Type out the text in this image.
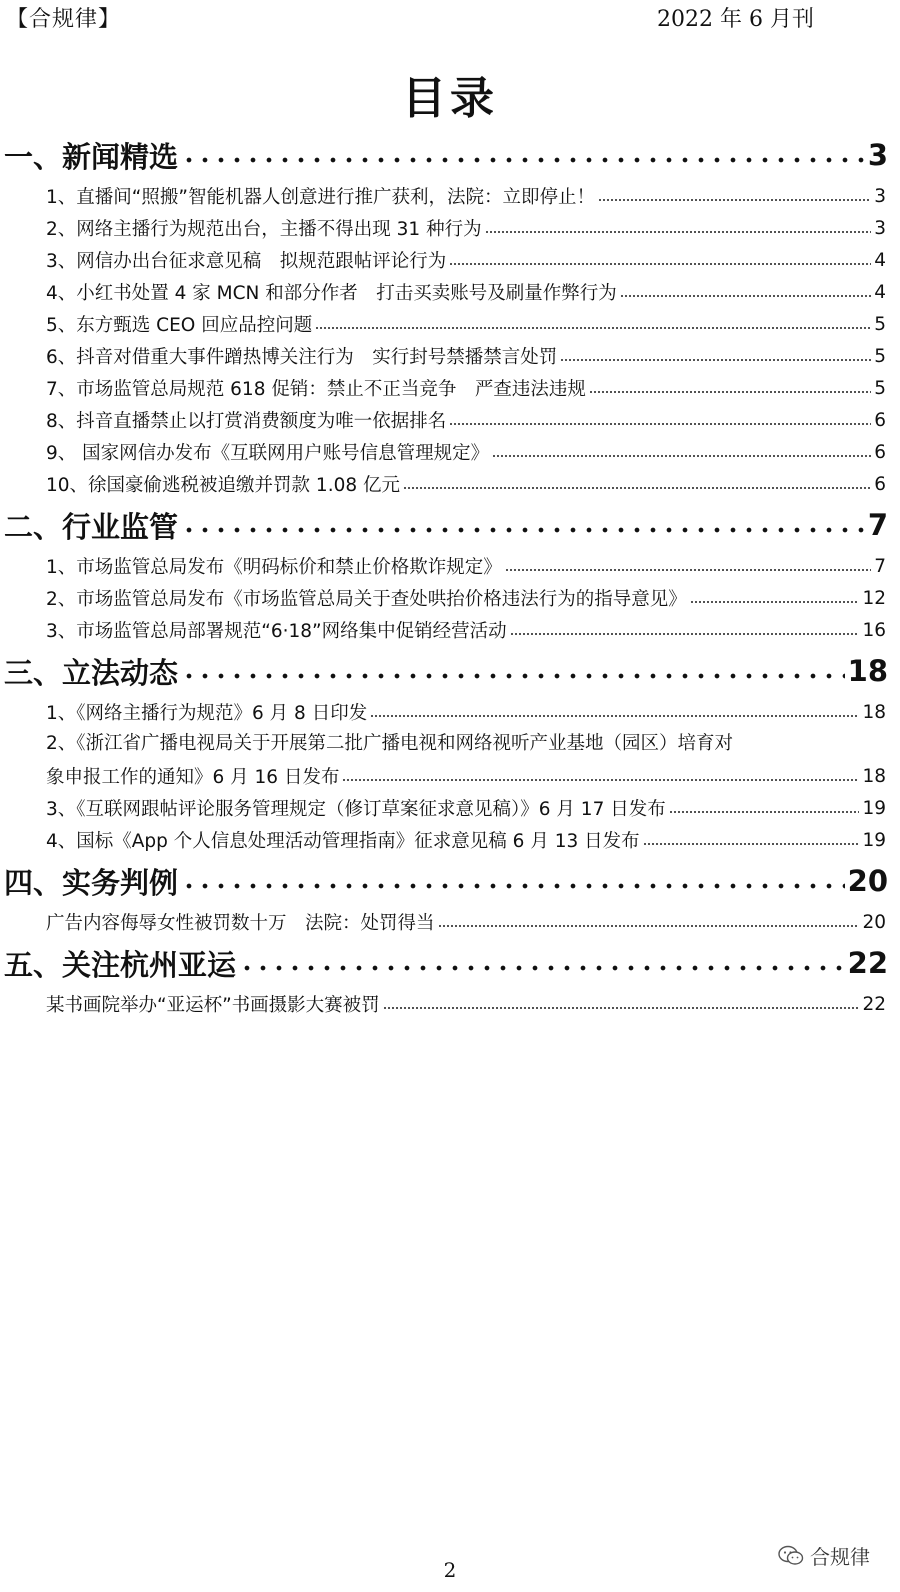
【合规律】	2022 年 6 月刊
目录
一、新闻精选	3
1、直播间“照搬”智能机器人创意进行推广获利，法院：立即停止！	3
2、网络主播行为规范出台，主播不得出现 31 种行为	3
3、网信办出台征求意见稿　拟规范跟帖评论行为	4
4、小红书处置 4 家 MCN 和部分作者　打击买卖账号及刷量作弊行为	4
5、东方甄选 CEO 回应品控问题	5
6、抖音对借重大事件蹭热博关注行为　实行封号禁播禁言处罚	5
7、市场监管总局规范 618 促销：禁止不正当竞争　严查违法违规	5
8、抖音直播禁止以打赏消费额度为唯一依据排名	6
9、 国家网信办发布《互联网用户账号信息管理规定》	6
10、徐国豪偷逃税被追缴并罚款 1.08 亿元	6
二、行业监管	7
1、市场监管总局发布《明码标价和禁止价格欺诈规定》	7
2、市场监管总局发布《市场监管总局关于查处哄抬价格违法行为的指导意见》	12
3、市场监管总局部署规范“6·18”网络集中促销经营活动	16
三、立法动态	18
1、《网络主播行为规范》6 月 8 日印发	18
2、《浙江省广播电视局关于开展第二批广播电视和网络视听产业基地（园区）培育对
象申报工作的通知》6 月 16 日发布	18
3、《互联网跟帖评论服务管理规定（修订草案征求意见稿）》6 月 17 日发布	19
4、国标《App 个人信息处理活动管理指南》征求意见稿 6 月 13 日发布	19
四、实务判例	20
广告内容侮辱女性被罚数十万　法院：处罚得当	20
五、关注杭州亚运	22
某书画院举办“亚运杯”书画摄影大赛被罚	22
合规律
2
